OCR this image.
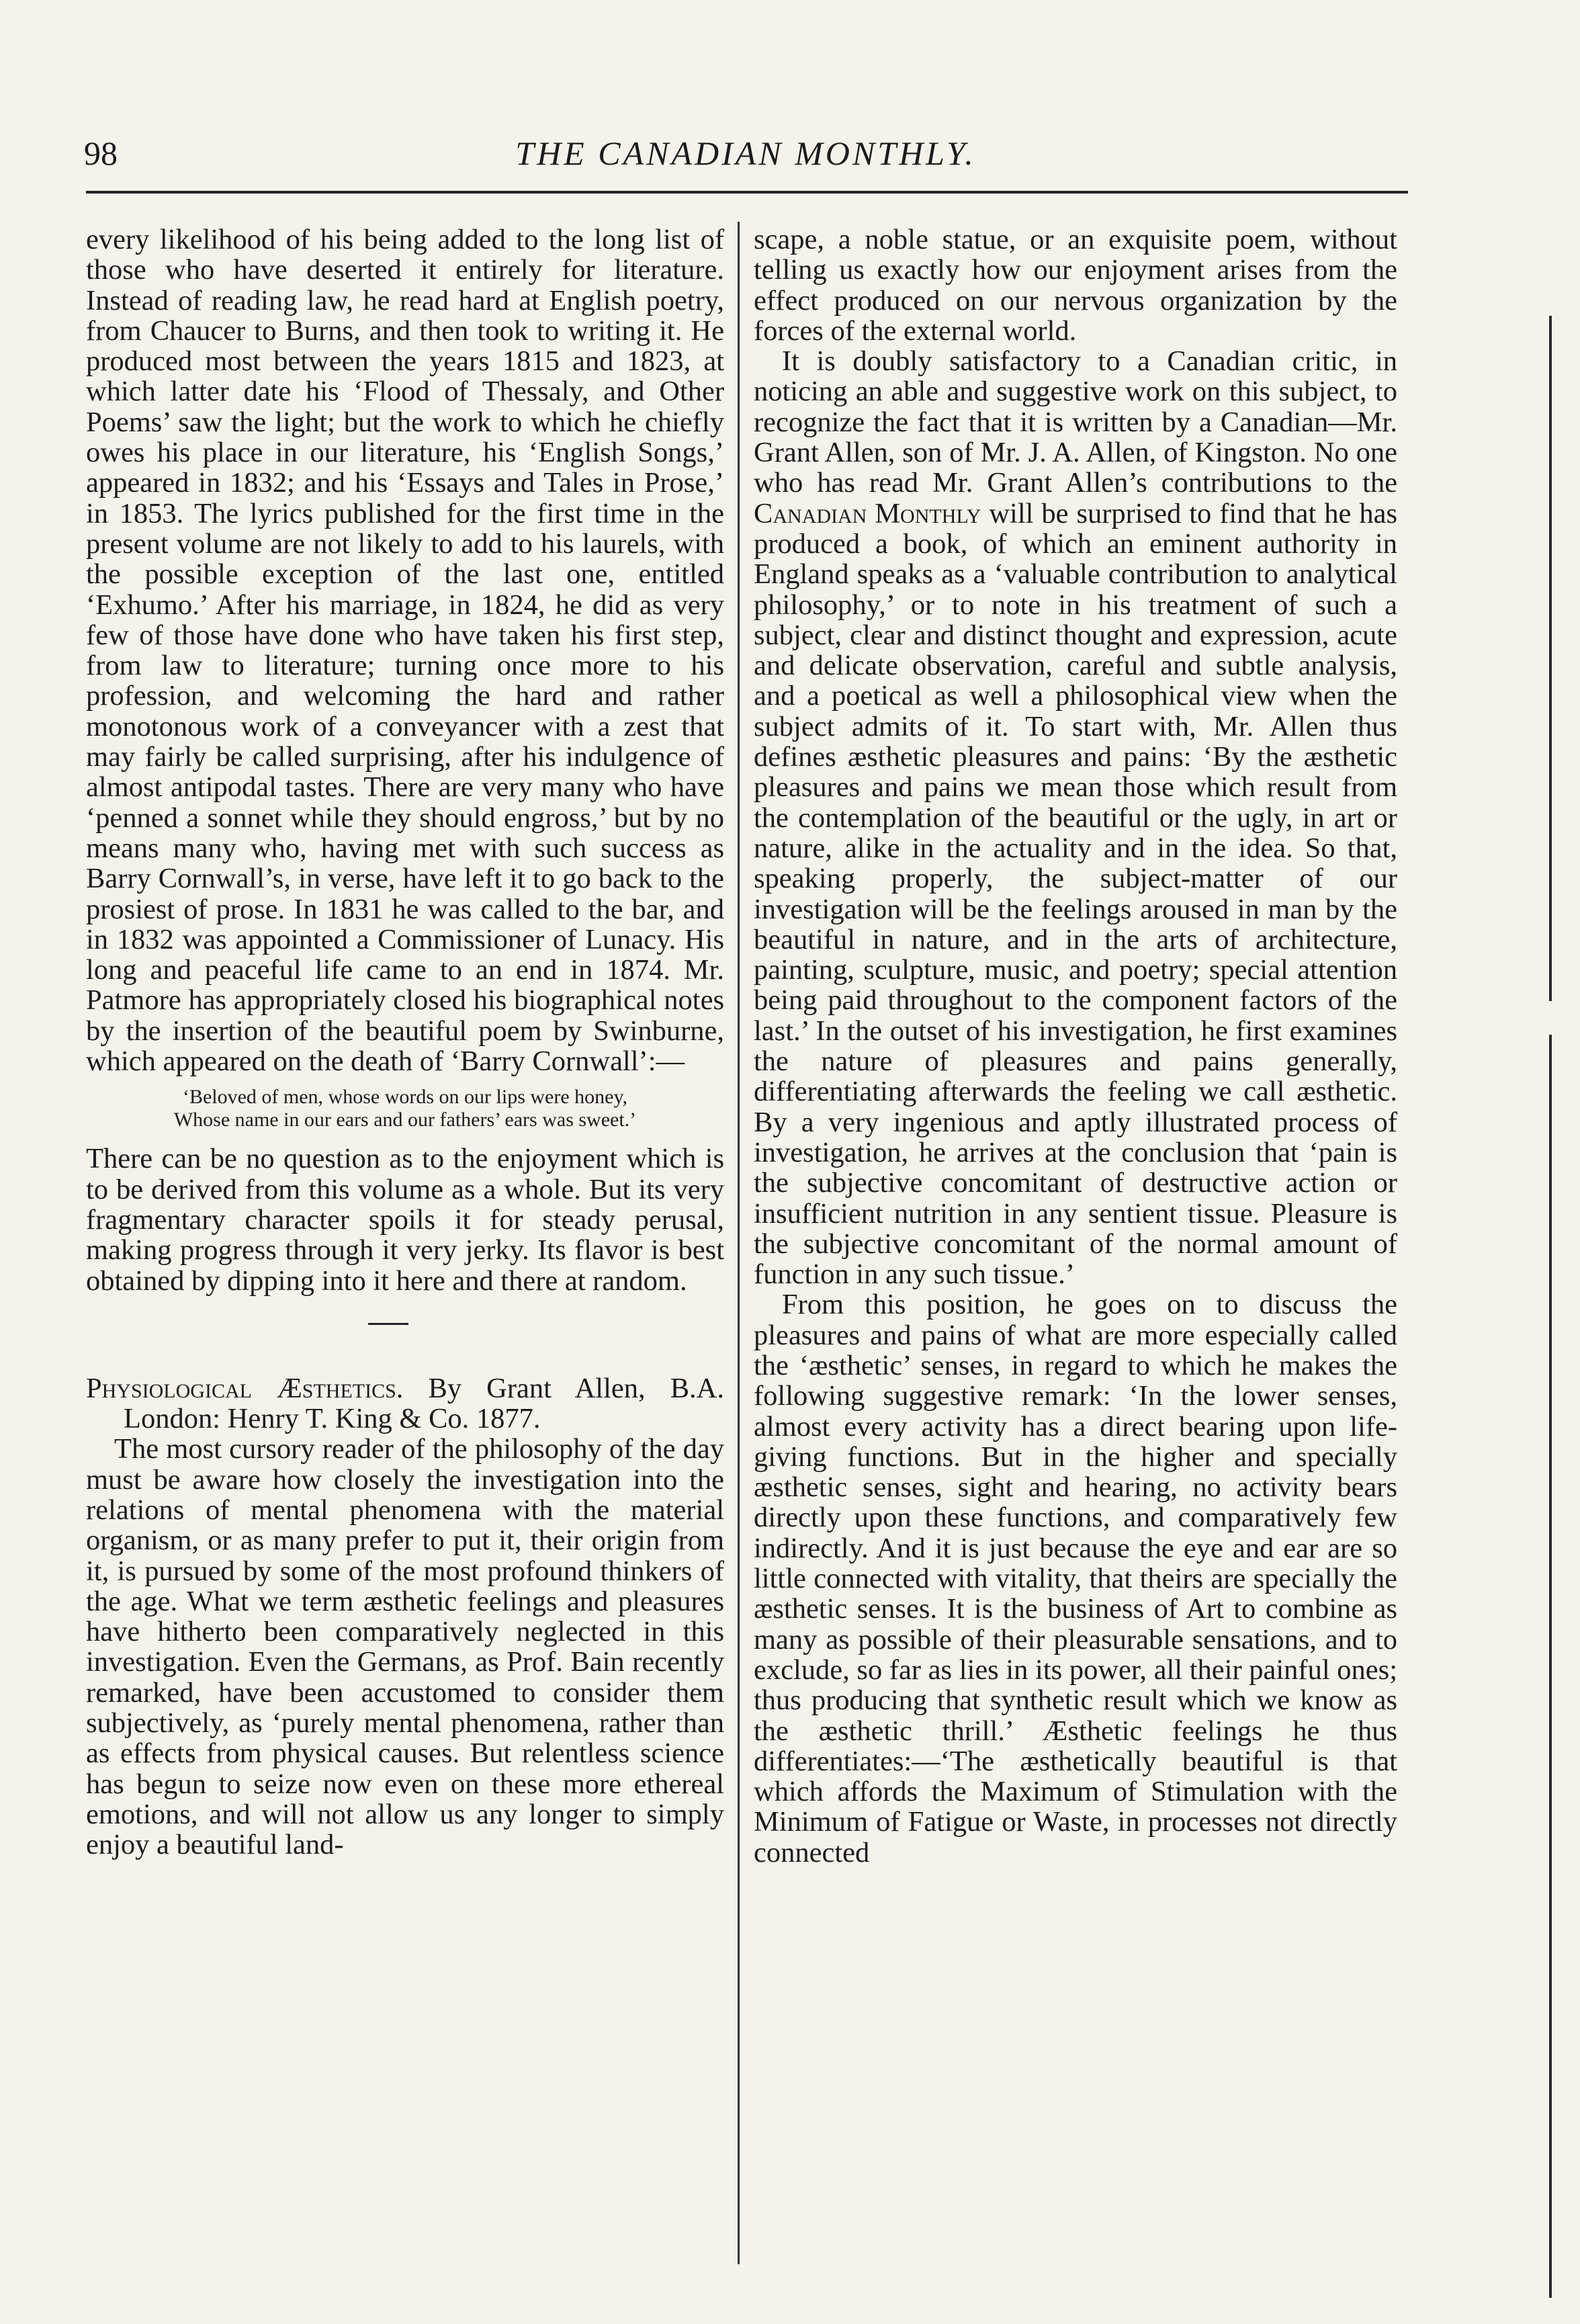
98	THE CANADIAN MONTHLY.

every likelihood of his being added to the long list of those who have deserted it entirely for literature. Instead of reading law, he read hard at English poetry, from Chaucer to Burns, and then took to writing it. He produced most between the years 1815 and 1823, at which latter date his ‘Flood of Thessaly, and Other Poems’ saw the light; but the work to which he chiefly owes his place in our literature, his ‘English Songs,’ appeared in 1832; and his ‘Essays and Tales in Prose,’ in 1853. The lyrics published for the first time in the present volume are not likely to add to his laurels, with the possible exception of the last one, entitled ‘Exhumo.’ After his marriage, in 1824, he did as very few of those have done who have taken his first step, from law to literature; turning once more to his profession, and welcoming the hard and rather monotonous work of a conveyancer with a zest that may fairly be called surprising, after his indulgence of almost antipodal tastes. There are very many who have ‘penned a sonnet while they should engross,’ but by no means many who, having met with such success as Barry Cornwall’s, in verse, have left it to go back to the prosiest of prose. In 1831 he was called to the bar, and in 1832 was appointed a Commissioner of Lunacy. His long and peaceful life came to an end in 1874. Mr. Patmore has appropriately closed his biographical notes by the insertion of the beautiful poem by Swinburne, which appeared on the death of ‘Barry Cornwall’:—

‘Beloved of men, whose words on our lips were honey,
Whose name in our ears and our fathers’ ears was sweet.’

There can be no question as to the enjoyment which is to be derived from this volume as a whole. But its very fragmentary character spoils it for steady perusal, making progress through it very jerky. Its flavor is best obtained by dipping into it here and there at random.

Physiological Æsthetics. By Grant Allen, B.A. London: Henry T. King & Co. 1877.

The most cursory reader of the philosophy of the day must be aware how closely the investigation into the relations of mental phenomena with the material organism, or as many prefer to put it, their origin from it, is pursued by some of the most profound thinkers of the age. What we term æsthetic feelings and pleasures have hitherto been comparatively neglected in this investigation. Even the Germans, as Prof. Bain recently remarked, have been accustomed to consider them subjectively, as ‘purely mental phenomena, rather than as effects from physical causes. But relentless science has begun to seize now even on these more ethereal emotions, and will not allow us any longer to simply enjoy a beautiful land-

scape, a noble statue, or an exquisite poem, without telling us exactly how our enjoyment arises from the effect produced on our nervous organization by the forces of the external world.

It is doubly satisfactory to a Canadian critic, in noticing an able and suggestive work on this subject, to recognize the fact that it is written by a Canadian—Mr. Grant Allen, son of Mr. J. A. Allen, of Kingston. No one who has read Mr. Grant Allen’s contributions to the Canadian Monthly will be surprised to find that he has produced a book, of which an eminent authority in England speaks as a ‘valuable contribution to analytical philosophy,’ or to note in his treatment of such a subject, clear and distinct thought and expression, acute and delicate observation, careful and subtle analysis, and a poetical as well a philosophical view when the subject admits of it. To start with, Mr. Allen thus defines æsthetic pleasures and pains: ‘By the æsthetic pleasures and pains we mean those which result from the contemplation of the beautiful or the ugly, in art or nature, alike in the actuality and in the idea. So that, speaking properly, the subject-matter of our investigation will be the feelings aroused in man by the beautiful in nature, and in the arts of architecture, painting, sculpture, music, and poetry; special attention being paid throughout to the component factors of the last.’ In the outset of his investigation, he first examines the nature of pleasures and pains generally, differentiating afterwards the feeling we call æsthetic. By a very ingenious and aptly illustrated process of investigation, he arrives at the conclusion that ‘pain is the subjective concomitant of destructive action or insufficient nutrition in any sentient tissue. Pleasure is the subjective concomitant of the normal amount of function in any such tissue.’

From this position, he goes on to discuss the pleasures and pains of what are more especially called the ‘æsthetic’ senses, in regard to which he makes the following suggestive remark: ‘In the lower senses, almost every activity has a direct bearing upon life-giving functions. But in the higher and specially æsthetic senses, sight and hearing, no activity bears directly upon these functions, and comparatively few indirectly. And it is just because the eye and ear are so little connected with vitality, that theirs are specially the æsthetic senses. It is the business of Art to combine as many as possible of their pleasurable sensations, and to exclude, so far as lies in its power, all their painful ones; thus producing that synthetic result which we know as the æsthetic thrill.’ Æsthetic feelings he thus differentiates:—‘The æsthetically beautiful is that which affords the Maximum of Stimulation with the Minimum of Fatigue or Waste, in processes not directly connected
